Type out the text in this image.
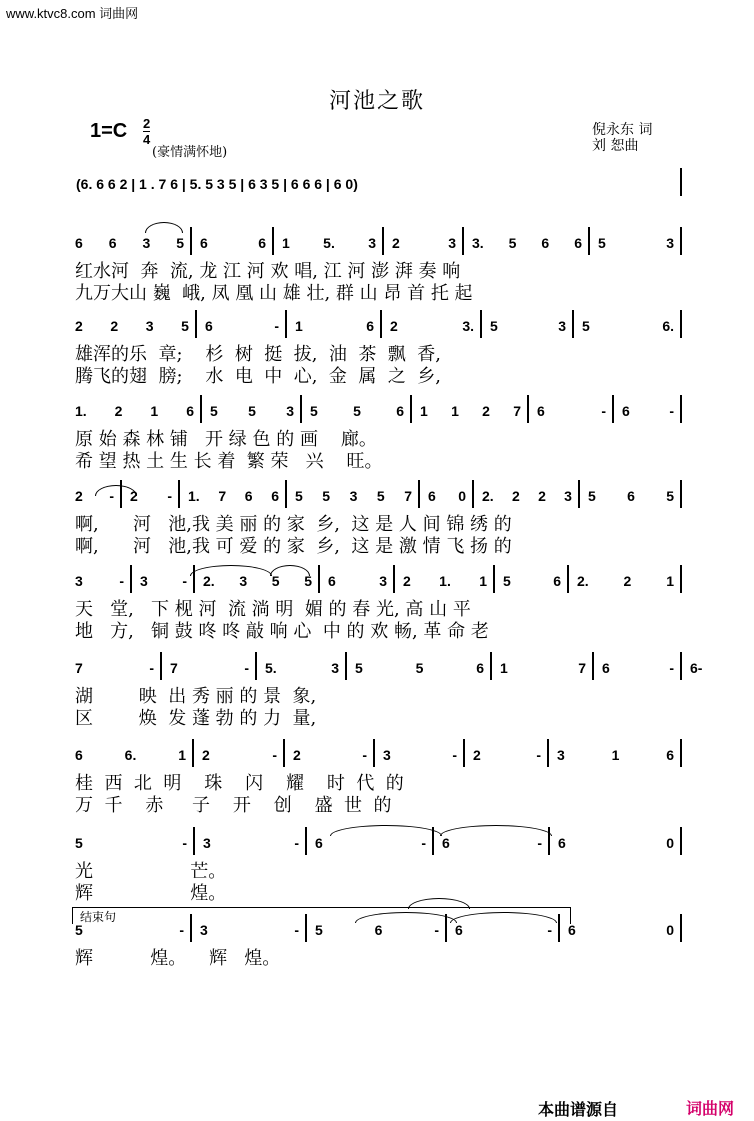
www.ktvc8.com 词曲网
河池之歌
$1=C \frac{2}{4}$
(豪情满怀地)
倪永东 词
刘 恕曲
(6. 6 6 2 | 1 . 7 6 | 5. 5 3 5 | 6 3 5 | 6 6 6 | 6 0)
6 6 3 5 6	6 1 5. 3 2	3 3. 5 6 6 5	3
红水河  奔  流, 龙 江 河 欢 唱, 江 河 澎 湃 奏 响
九万大山 巍  峨, 凤 凰 山 雄 壮, 群 山 昂 首 托 起
2 2 3 5 6	- 1	6 2	3. 5	3 5	6.
雄浑的乐  章;    杉  树  挺  拔,  油  茶  飘  香,
腾飞的翅  膀;    水  电  中  心,  金  属  之  乡,
1. 2 1 6 5 5 3 5	5	6 1 1 2 7 6	- 6	-
原 始 森 林 铺   开 绿 色 的 画    廊。
希 望 热 土 生 长 着  繁 荣   兴    旺。
2 - 2 - 1. 7 6 6 5 5 3 5 7 6 0 2. 2 2 3 5 6 5
啊,      河   池,我 美 丽 的 家  乡,  这 是 人 间 锦 绣 的
啊,      河   池,我 可 爱 的 家  乡,  这 是 激 情 飞 扬 的
3	- 3 - 2. 3 5 5 6	3 2 1. 1 5	6 2. 2 1
天   堂,   下 枧 河  流 淌 明  媚 的 春 光, 高 山 平
地   方,   铜 鼓 咚 咚 敲 响 心  中 的 欢 畅, 革 命 老
7	- 7	- 5.	3 5	5	6 1	7 6	- 6 -
湖        映  出 秀 丽 的 景  象,
区        焕  发 蓬 勃 的 力  量,
6	6.	1 2	- 2	- 3	- 2	- 3	1	6
桂  西  北  明    珠    闪    耀    时  代  的
万  千    赤     子    开    创    盛  世  的
5	- 3	- 6	- 6	- 6	0
光                 芒。
辉                 煌。
5	- 3	- 5	6	- 6	- 6	0
辉          煌。    辉   煌。
结束句
本曲谱源自	词曲网
